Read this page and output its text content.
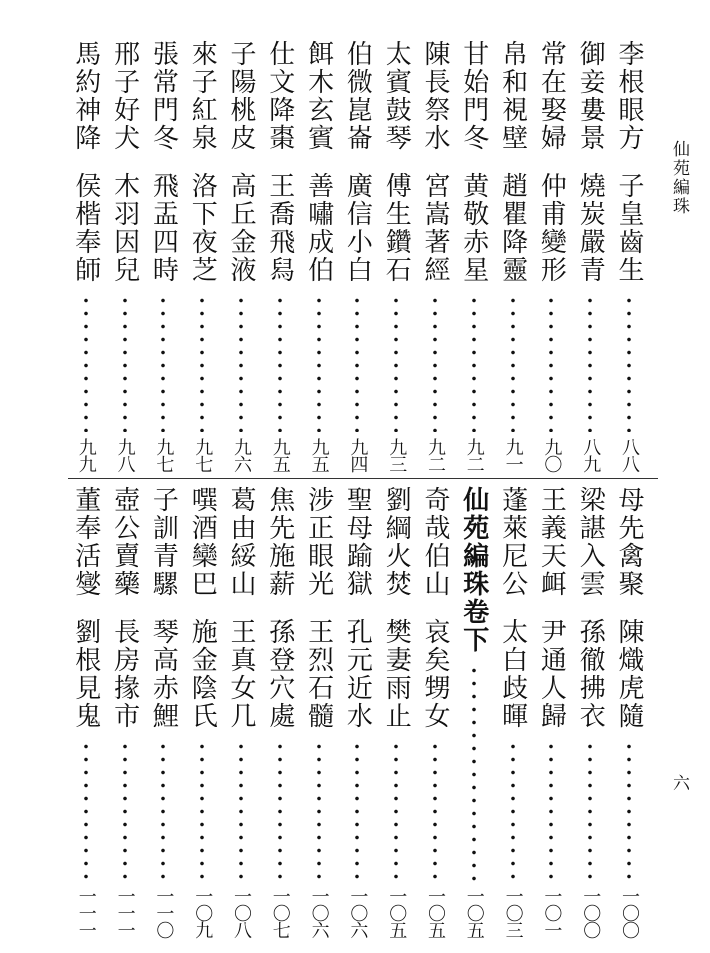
仙苑編珠
六
李根眼方
子皇齒生
八八
御妾婁景
燒炭嚴青
八九
常在娶婦
仲甫變形
九〇
帛和視壁
趙瞿降靈
九一
甘始門冬
黄敬赤星
九二
陳長祭水
宮嵩著經
九二
太賓鼓琴
傅生鑽石
九三
伯微崑崙
廣信小白
九四
餌木玄賓
善嘯成伯
九五
仕文降棗
王喬飛舄
九五
子陽桃皮
高丘金液
九六
來子紅泉
洛下夜芝
九七
張常門冬
飛盂四時
九七
邢子好犬
木羽因兒
九八
馬約神降
侯楷奉師
九九
母先禽聚
陳熾虎隨
一〇〇
梁諶入雲
孫徹拂衣
一〇〇
王義天衈
尹通人歸
一〇一
蓬萊尼公
太白歧暉
一〇三
仙苑編珠卷下
一〇五
奇哉伯山
哀矣甥女
一〇五
劉綱火焚
樊妻雨止
一〇五
聖母踰獄
孔元近水
一〇六
涉正眼光
王烈石髓
一〇六
焦先施薪
孫登穴處
一〇七
葛由綏山
王真女几
一〇八
噀酒欒巴
施金陰氏
一〇九
子訓青騾
琴高赤鯉
一一〇
壺公賣藥
長房掾市
一一一
董奉活燮
劉根見鬼
一一一
